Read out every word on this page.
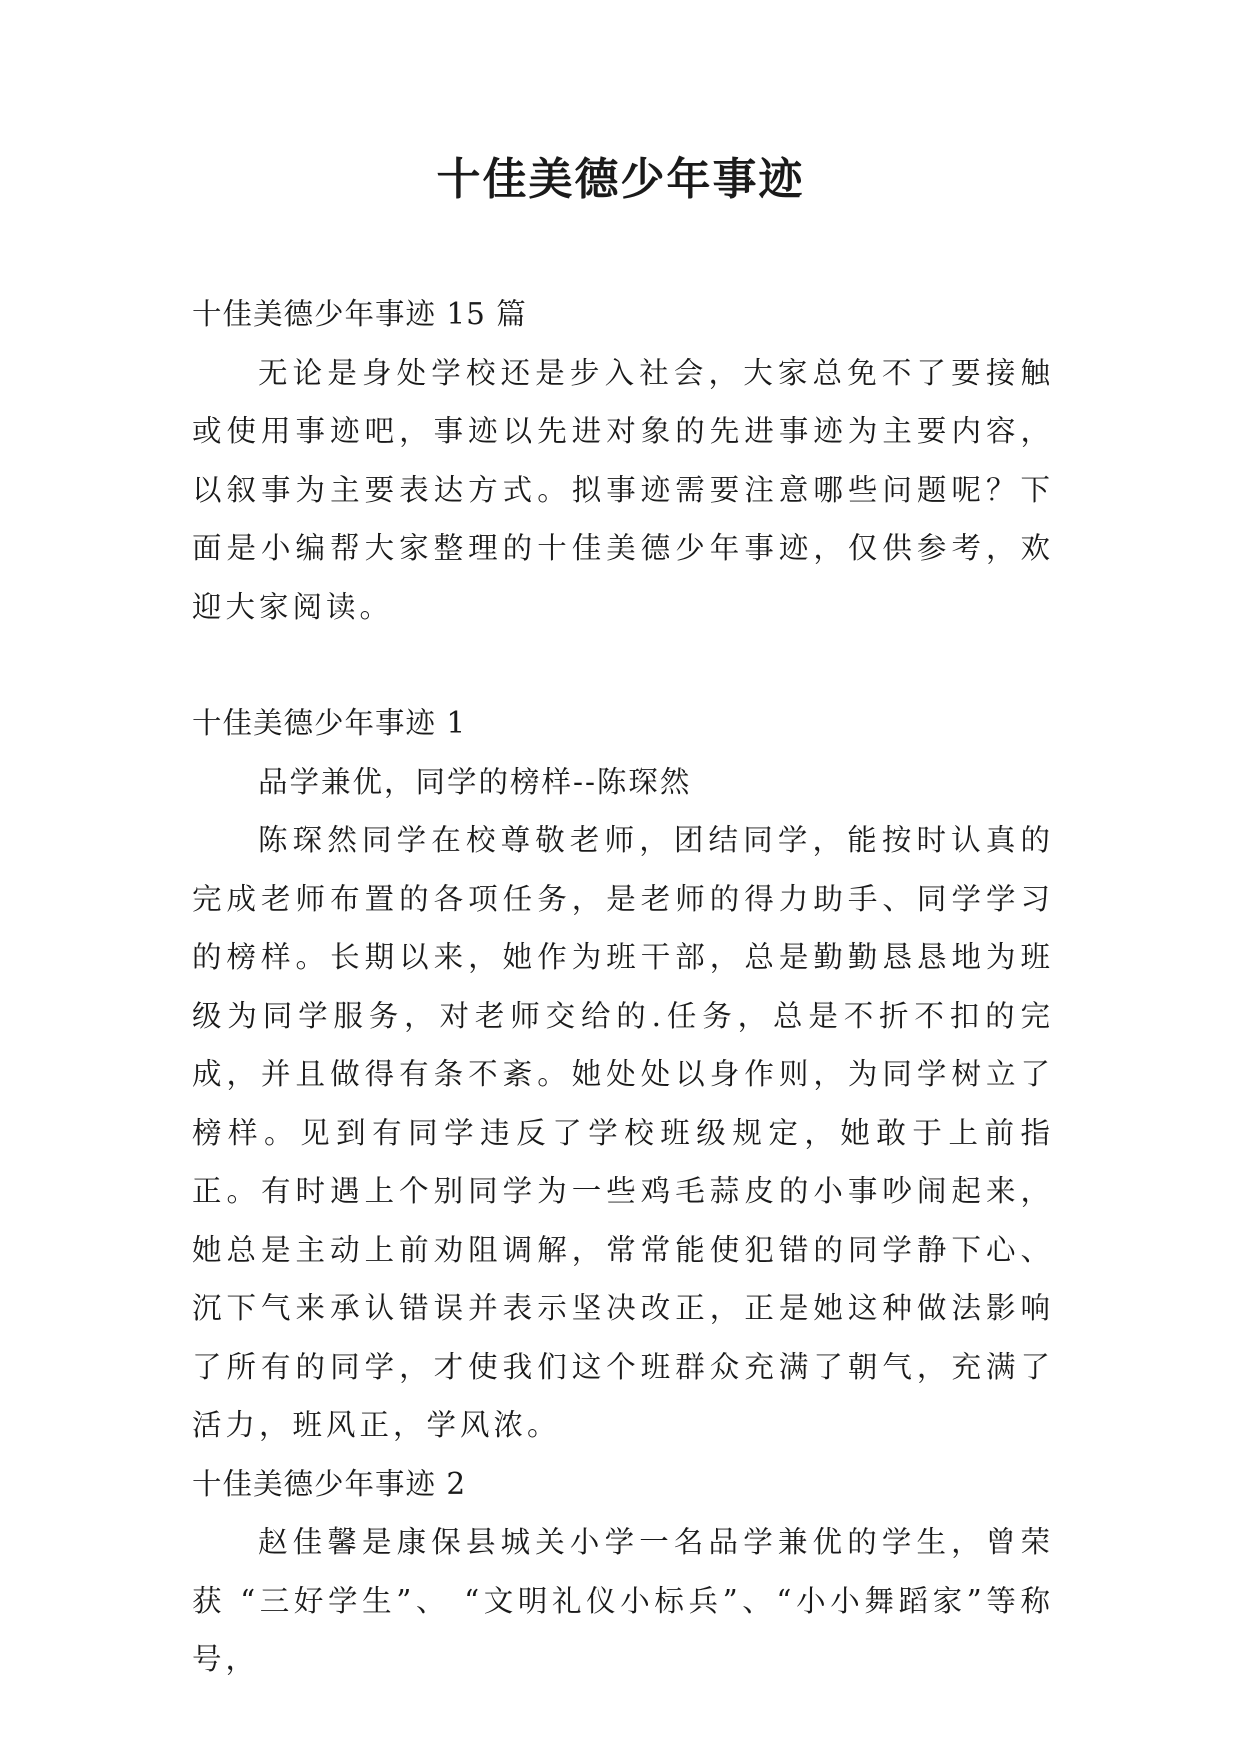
十佳美德少年事迹

十佳美德少年事迹 15 篇

无论是身处学校还是步入社会，大家总免不了要接触或使用事迹吧，事迹以先进对象的先进事迹为主要内容，以叙事为主要表达方式。拟事迹需要注意哪些问题呢？下面是小编帮大家整理的十佳美德少年事迹，仅供参考，欢迎大家阅读。

十佳美德少年事迹 1

品学兼优，同学的榜样--陈琛然

陈琛然同学在校尊敬老师，团结同学，能按时认真的完成老师布置的各项任务，是老师的得力助手、同学学习的榜样。长期以来，她作为班干部，总是勤勤恳恳地为班级为同学服务，对老师交给的.任务，总是不折不扣的完成，并且做得有条不紊。她处处以身作则，为同学树立了榜样。见到有同学违反了学校班级规定，她敢于上前指正。有时遇上个别同学为一些鸡毛蒜皮的小事吵闹起来，她总是主动上前劝阻调解，常常能使犯错的同学静下心、沉下气来承认错误并表示坚决改正，正是她这种做法影响了所有的同学，才使我们这个班群众充满了朝气，充满了活力，班风正，学风浓。

十佳美德少年事迹 2

赵佳馨是康保县城关小学一名品学兼优的学生，曾荣获 “三好学生”、 “文明礼仪小标兵”、“小小舞蹈家”等称号，
